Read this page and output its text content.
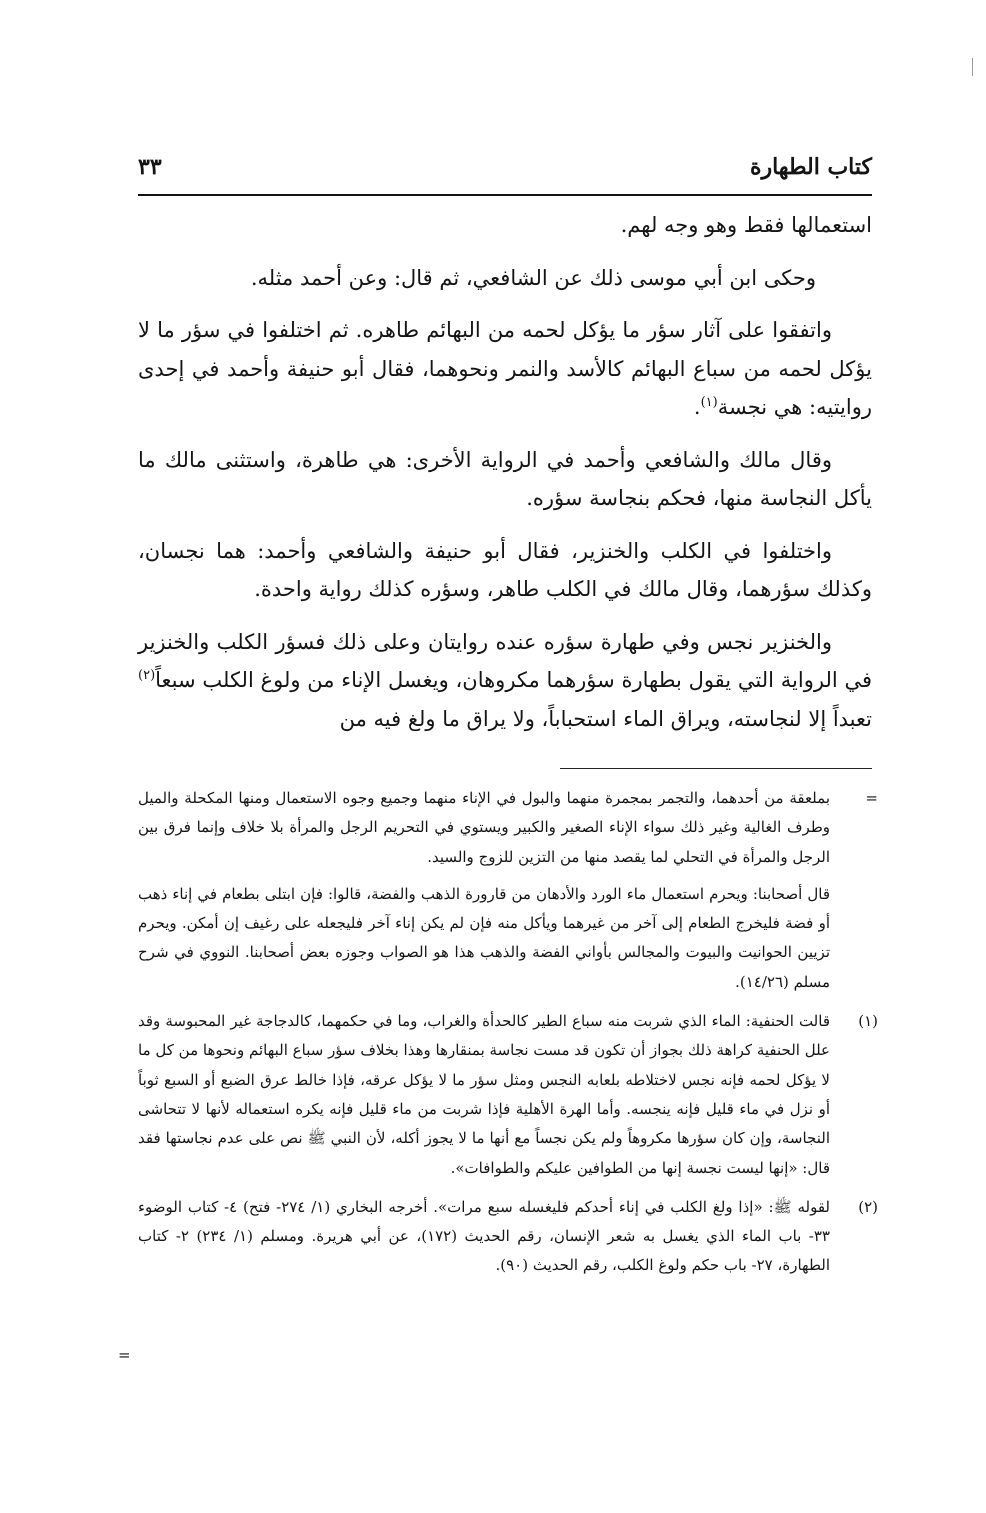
كتاب الطهارة
٣٣

استعمالها فقط وهو وجه لهم.

وحكى ابن أبي موسى ذلك عن الشافعي، ثم قال: وعن أحمد مثله.

واتفقوا على آثار سؤر ما يؤكل لحمه من البهائم طاهره. ثم اختلفوا في سؤر ما لا يؤكل لحمه من سباع البهائم كالأسد والنمر ونحوهما، فقال أبو حنيفة وأحمد في إحدى روايتيه: هي نجسة$^{(١)}$.

وقال مالك والشافعي وأحمد في الرواية الأخرى: هي طاهرة، واستثنى مالك ما يأكل النجاسة منها، فحكم بنجاسة سؤره.

واختلفوا في الكلب والخنزير، فقال أبو حنيفة والشافعي وأحمد: هما نجسان، وكذلك سؤرهما، وقال مالك في الكلب طاهر، وسؤره كذلك رواية واحدة.

والخنزير نجس وفي طهارة سؤره عنده روايتان وعلى ذلك فسؤر الكلب والخنزير في الرواية التي يقول بطهارة سؤرهما مكروهان، ويغسل الإناء من ولوغ الكلب سبعاً$^{(٢)}$ تعبداً إلا لنجاسته، ويراق الماء استحباباً، ولا يراق ما ولغ فيه من

=

بملعقة من أحدهما، والتجمر بمجمرة منهما والبول في الإناء منهما وجميع وجوه الاستعمال ومنها المكحلة والميل وطرف الغالية وغير ذلك سواء الإناء الصغير والكبير ويستوي في التحريم الرجل والمرأة بلا خلاف وإنما فرق بين الرجل والمرأة في التحلي لما يقصد منها من التزين للزوج والسيد.

قال أصحابنا: ويحرم استعمال ماء الورد والأدهان من قارورة الذهب والفضة، قالوا: فإن ابتلى بطعام في إناء ذهب أو فضة فليخرج الطعام إلى آخر من غيرهما ويأكل منه فإن لم يكن إناء آخر فليجعله على رغيف إن أمكن. ويحرم تزيين الحوانيت والبيوت والمجالس بأواني الفضة والذهب هذا هو الصواب وجوزه بعض أصحابنا. النووي في شرح مسلم (١٤/٢٦).

(١)

قالت الحنفية: الماء الذي شربت منه سباع الطير كالحدأة والغراب، وما في حكمهما، كالدجاجة غير المحبوسة وقد علل الحنفية كراهة ذلك بجواز أن تكون قد مست نجاسة بمنقارها وهذا بخلاف سؤر سباع البهائم ونحوها من كل ما لا يؤكل لحمه فإنه نجس لاختلاطه بلعابه النجس ومثل سؤر ما لا يؤكل عرقه، فإذا خالط عرق الضبع أو السبع ثوباً أو نزل في ماء قليل فإنه ينجسه. وأما الهرة الأهلية فإذا شربت من ماء قليل فإنه يكره استعماله لأنها لا تتحاشى النجاسة، وإن كان سؤرها مكروهاً ولم يكن نجساً مع أنها ما لا يجوز أكله، لأن النبي ﷺ نص على عدم نجاستها فقد قال: «إنها ليست نجسة إنها من الطوافين عليكم والطوافات».

(٢)

لقوله ﷺ: «إذا ولغ الكلب في إناء أحدكم فليغسله سبع مرات». أخرجه البخاري (١/ ٢٧٤- فتح) ٤- كتاب الوضوء ٣٣- باب الماء الذي يغسل به شعر الإنسان، رقم الحديث (١٧٢)، عن أبي هريرة. ومسلم (١/ ٢٣٤) ٢- كتاب الطهارة، ٢٧- باب حكم ولوغ الكلب، رقم الحديث (٩٠).

=
